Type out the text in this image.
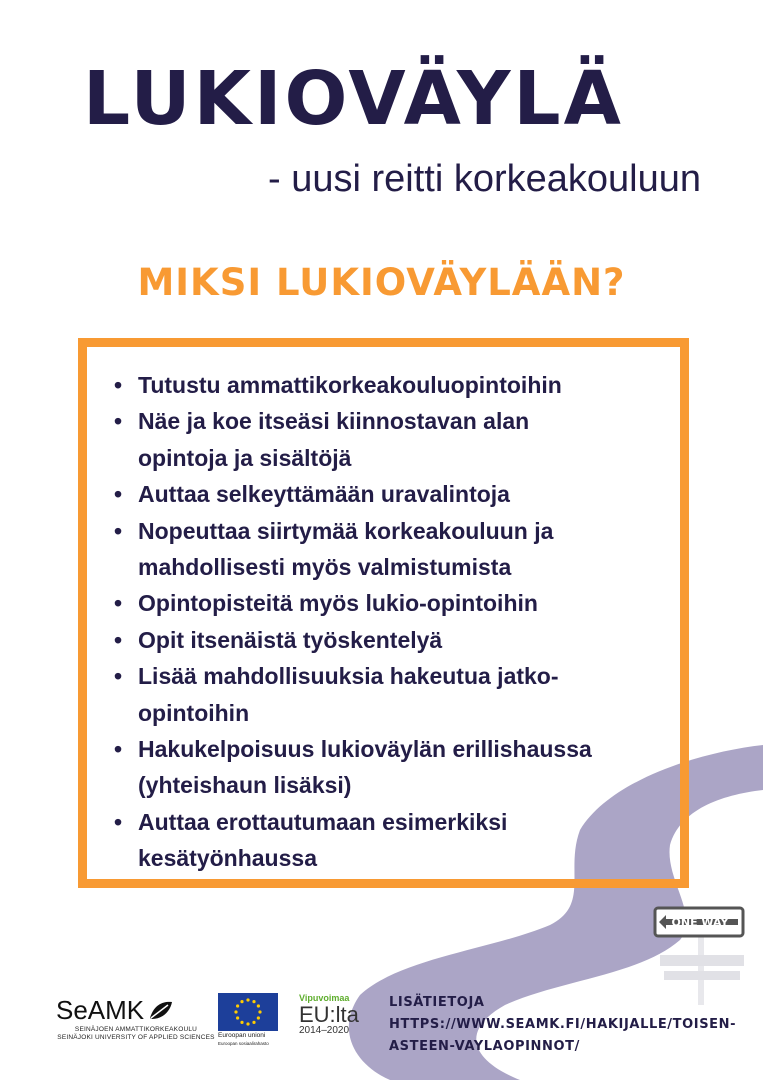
LUKIOVÄYLÄ

- uusi reitti korkeakouluun

MIKSI LUKIOVÄYLÄÄN?
• Tutustu ammattikorkeakouluopintoihin
• Näe ja koe itseäsi kiinnostavan alan
opintoja ja sisältöjä
• Auttaa selkeyttämään uravalintoja
• Nopeuttaa siirtymää korkeakouluun ja
mahdollisesti myös valmistumista
• Opintopisteitä myös lukio-opintoihin
• Opit itsenäistä työskentelyä
• Lisää mahdollisuuksia hakeutua jatko-
opintoihin
• Hakukelpoisuus lukioväylän erillishaussa
(yhteishaun lisäksi)
• Auttaa erottautumaan esimerkiksi
kesätyönhaussa
ONE WAY
SeAMK
SEINÄJOEN AMMATTIKORKEAKOULU
SEINÄJOKI UNIVERSITY OF APPLIED SCIENCES Euroopan unioni
Euroopan sosiaalirahasto
Vipuvoimaa
EU:lta
2014–2020
LISÄTIETOJA
HTTPS://WWW.SEAMK.FI/HAKIJALLE/TOISEN-
ASTEEN-VAYLAOPINNOT/
